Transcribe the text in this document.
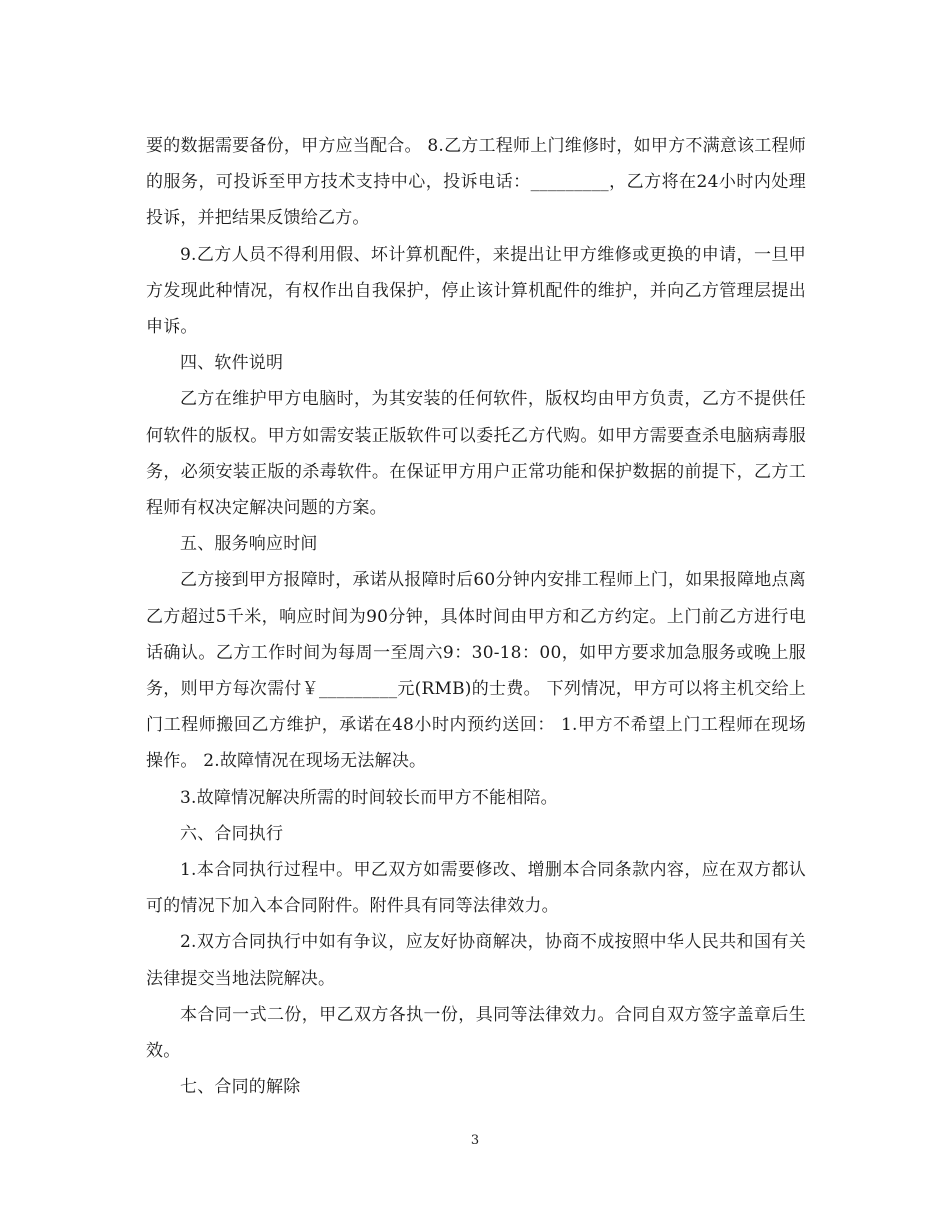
要的数据需要备份，甲方应当配合。 8.乙方工程师上门维修时，如甲方不满意该工程师的服务，可投诉至甲方技术支持中心，投诉电话：_________，乙方将在24小时内处理投诉，并把结果反馈给乙方。

9.乙方人员不得利用假、坏计算机配件，来提出让甲方维修或更换的申请，一旦甲方发现此种情况，有权作出自我保护，停止该计算机配件的维护，并向乙方管理层提出申诉。

四、软件说明

乙方在维护甲方电脑时，为其安装的任何软件，版权均由甲方负责，乙方不提供任何软件的版权。甲方如需安装正版软件可以委托乙方代购。如甲方需要查杀电脑病毒服务，必须安装正版的杀毒软件。在保证甲方用户正常功能和保护数据的前提下，乙方工程师有权决定解决问题的方案。

五、服务响应时间

乙方接到甲方报障时，承诺从报障时后60分钟内安排工程师上门，如果报障地点离乙方超过5千米，响应时间为90分钟，具体时间由甲方和乙方约定。上门前乙方进行电话确认。乙方工作时间为每周一至周六9：30-18：00，如甲方要求加急服务或晚上服务，则甲方每次需付￥_________元(RMB)的士费。 下列情况，甲方可以将主机交给上门工程师搬回乙方维护，承诺在48小时内预约送回： 1.甲方不希望上门工程师在现场操作。 2.故障情况在现场无法解决。

3.故障情况解决所需的时间较长而甲方不能相陪。

六、合同执行

1.本合同执行过程中。甲乙双方如需要修改、增删本合同条款内容，应在双方都认可的情况下加入本合同附件。附件具有同等法律效力。

2.双方合同执行中如有争议，应友好协商解决，协商不成按照中华人民共和国有关法律提交当地法院解决。

本合同一式二份，甲乙双方各执一份，具同等法律效力。合同自双方签字盖章后生效。

七、合同的解除

3
